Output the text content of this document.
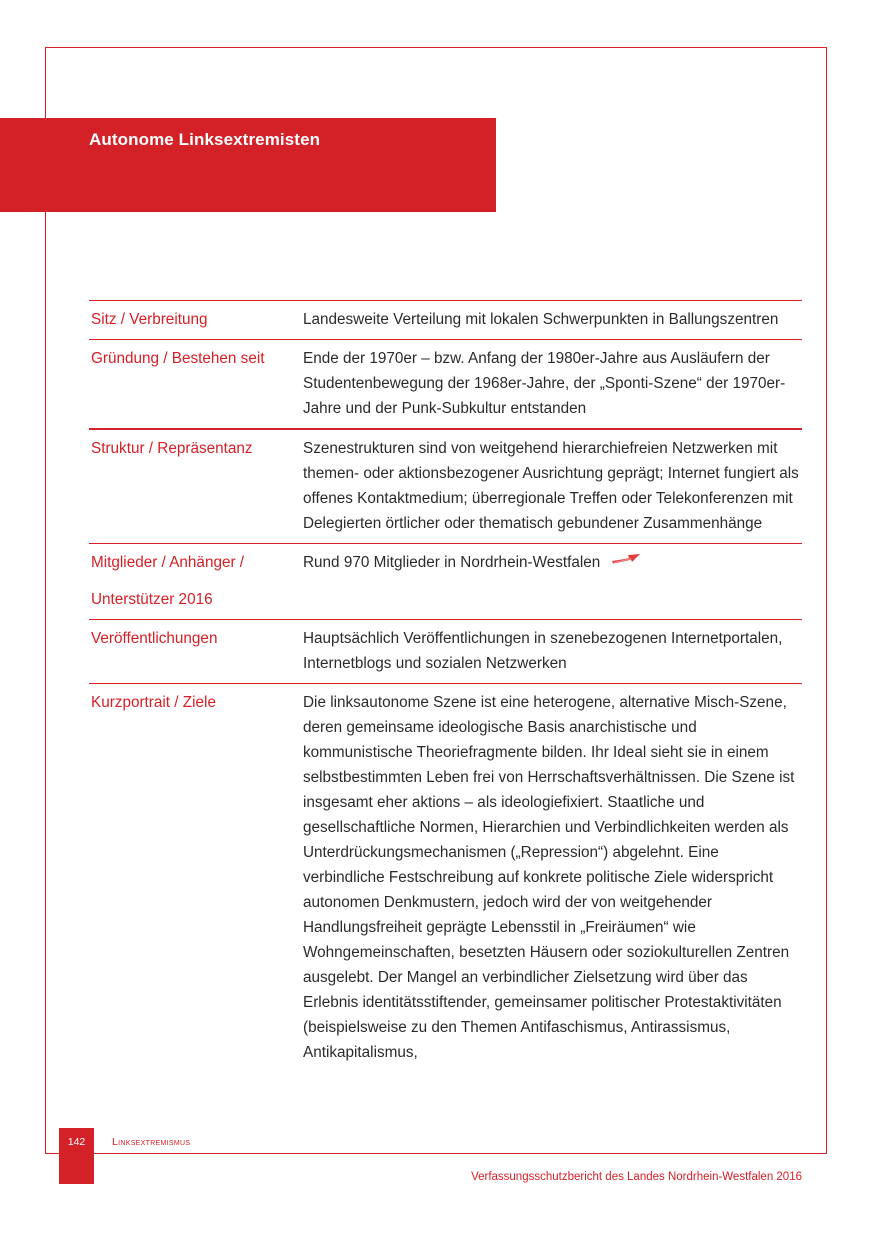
Autonome Linksextremisten
Sitz / Verbreitung	Landesweite Verteilung mit lokalen Schwerpunkten in Ballungszentren
Gründung / Bestehen seit	Ende der 1970er – bzw. Anfang der 1980er-Jahre aus Ausläufern der Studentenbewegung der 1968er-Jahre, der „Sponti-Szene“ der 1970er-Jahre und der Punk-Subkultur entstanden
Struktur / Repräsentanz	Szenestrukturen sind von weitgehend hierarchiefreien Netzwerken mit themen- oder aktionsbezogener Ausrichtung geprägt; Internet fungiert als offenes Kontaktmedium; überregionale Treffen oder Telekonferenzen mit Delegierten örtlicher oder thematisch gebundener Zusammenhänge
Mitglieder / Anhänger /
Unterstützer 2016	Rund 970 Mitglieder in Nordrhein-Westfalen
Veröffentlichungen	Hauptsächlich Veröffentlichungen in szenebezogenen Internetportalen, Internetblogs und sozialen Netzwerken
Kurzportrait / Ziele	Die linksautonome Szene ist eine heterogene, alternative Misch-Szene, deren gemeinsame ideologische Basis anarchistische und kommunistische Theoriefragmente bilden. Ihr Ideal sieht sie in einem selbstbestimmten Leben frei von Herrschaftsverhältnissen. Die Szene ist insgesamt eher aktions – als ideologiefixiert. Staatliche und gesellschaftliche Normen, Hierarchien und Verbindlichkeiten werden als Unterdrückungsmechanismen („Repression“) abgelehnt. Eine verbindliche Festschreibung auf konkrete politische Ziele widerspricht autonomen Denkmustern, jedoch wird der von weitgehender Handlungsfreiheit geprägte Lebensstil in „Freiräumen“ wie Wohngemeinschaften, besetzten Häusern oder soziokulturellen Zentren ausgelebt. Der Mangel an verbindlicher Zielsetzung wird über das Erlebnis identitätsstiftender, gemeinsamer politischer Protestaktivitäten (beispielsweise zu den Themen Antifaschismus, Antirassismus, Antikapitalismus,
142	Linksextremismus
Verfassungsschutzbericht des Landes Nordrhein-Westfalen 2016
